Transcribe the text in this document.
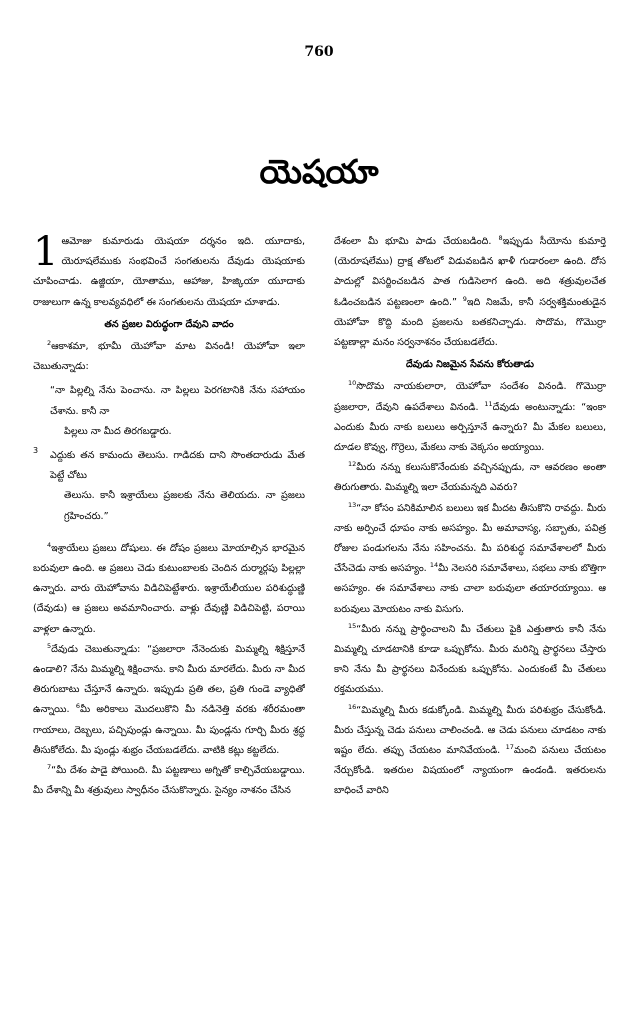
760
యెషయా

1 ఆమోజు కుమారుడు యెషయా దర్శనం ఇది. యూదాకు, యెరూషలేముకు సంభవించే సంగతులను దేవుడు యెషయాకు చూపించాడు. ఉజ్జియా, యోతాము, ఆహాజు, హిజ్కియా యూదాకు రాజులుగా ఉన్న కాలవ్యవధిలో ఈ సంగతులను యెషయా చూశాడు.

తన ప్రజల విరుద్ధంగా దేవుని వాదం

$^2$ఆకాశమా, భూమీ యెహోవా మాట వినండి! యెహోవా ఇలా చెబుతున్నాడు:

“నా పిల్లల్ని నేను పెంచాను. నా పిల్లలు పెరగటానికి నేను సహాయం చేశాను. కానీ నా
పిల్లలు నా మీద తిరగబడ్డారు.
3 ఎద్దుకు తన కామందు తెలుసు. గాడిదకు దాని సొంతదారుడు మేత పెట్టే చోటు
తెలుసు. కానీ ఇశ్రాయేలు ప్రజలకు నేను తెలియదు. నా ప్రజలు గ్రహించరు.”

$^4$ఇశ్రాయేలు ప్రజలు దోషులు. ఈ దోషం ప్రజలు మోయాల్సిన భారమైన బరువులా ఉంది. ఆ ప్రజలు చెడు కుటుంబాలకు చెందిన దుర్మార్గపు పిల్లల్లా ఉన్నారు. వారు యెహోవాను విడిచిపెట్టేశారు. ఇశ్రాయేలీయుల పరిశుద్ధుణ్ణి (దేవుడు) ఆ ప్రజలు అవమానించారు. వాళ్లు దేవుణ్ణి విడిచిపెట్టి, పరాయి వాళ్లలా ఉన్నారు.

$^5$దేవుడు చెబుతున్నాడు: “ప్రజలారా నేనెందుకు మిమ్మల్ని శిక్షిస్తూనే ఉండాలి? నేను మిమ్మల్ని శిక్షించాను. కాని మీరు మారలేదు. మీరు నా మీద తిరుగుబాటు చేస్తూనే ఉన్నారు. ఇప్పుడు ప్రతి తల, ప్రతి గుండె వ్యాధితో ఉన్నాయి. $^6$మీ అరికాలు మొదలుకొని మీ నడినెత్తి వరకు శరీరమంతా గాయాలు, దెబ్బలు, పచ్చిపుండ్లు ఉన్నాయి. మీ పుండ్లను గూర్చి మీరు శ్రద్ధ తీసుకోలేదు. మీ పుండ్లు శుభ్రం చేయబడలేదు. వాటికి కట్లు కట్టలేదు.

$^7$“మీ దేశం పాడై పోయింది. మీ పట్టణాలు అగ్నితో కాల్చివేయబడ్డాయి. మీ దేశాన్ని మీ శత్రువులు స్వాధీనం చేసుకొన్నారు. సైన్యం నాశనం చేసిన

దేశంలా మీ భూమి పాడు చేయబడింది. $^8$ఇప్పుడు సీయోను కుమార్తె (యెరూషలేము) ద్రాక్ష తోటలో విడువబడిన ఖాళీ గుడారంలా ఉంది. దోస పాదుల్లో విసర్జించబడిన పాత గుడిసెలాగ ఉంది. అది శత్రువులచేత ఓడించబడిన పట్టణంలా ఉంది.” $^9$ఇది నిజమే, కానీ సర్వశక్తిమంతుడైన యెహోవా కొద్ది మంది ప్రజలను బతకనిచ్చాడు. సొదొమ, గొమొర్రా పట్టణాల్లా మనం సర్వనాశనం చేయబడలేదు.

దేవుడు నిజమైన సేవను కోరుతాడు

$^{10}$సొదొమ నాయకులారా, యెహోవా సందేశం వినండి. గొమొర్రా ప్రజలారా, దేవుని ఉపదేశాలు వినండి. $^{11}$దేవుడు అంటున్నాడు: “ఇంకా ఎందుకు మీరు నాకు బలులు అర్పిస్తూనే ఉన్నారు? మీ మేకల బలులు, దూడల కొవ్వు, గొర్రెలు, మేకలు నాకు వెక్కసం అయ్యాయి.

$^{12}$మీరు నన్ను కలుసుకొనేందుకు వచ్చినప్పుడు, నా ఆవరణం అంతా తిరుగుతారు. మిమ్మల్ని ఇలా చేయమన్నది ఎవరు?

$^{13}$“నా కోసం పనికిమాలిన బలులు ఇక మీదట తీసుకొని రావద్దు. మీరు నాకు అర్పించే ధూపం నాకు అసహ్యం. మీ అమావాస్య, సబ్బాతు, పవిత్ర రోజుల పండుగలను నేను సహించను. మీ పరిశుద్ధ సమావేశాలలో మీరు చేసేచెడు నాకు అసహ్యం. $^{14}$మీ నెలసరి సమావేశాలు, సభలు నాకు బొత్తిగా అసహ్యం. ఈ సమావేశాలు నాకు చాలా బరువులా తయారయ్యాయి. ఆ బరువులు మోయటం నాకు విసుగు.

$^{15}$“మీరు నన్ను ప్రార్థించాలని మీ చేతులు పైకి ఎత్తుతారు కానీ నేను మిమ్మల్ని చూడటానికి కూడా ఒప్పుకోను. మీరు మరిన్ని ప్రార్థనలు చేస్తారు కాని నేను మీ ప్రార్థనలు వినేందుకు ఒప్పుకోను. ఎందుకంటే మీ చేతులు రక్తమయము.

$^{16}$“మిమ్మల్ని మీరు కడుక్కోండి. మిమ్మల్ని మీరు పరిశుభ్రం చేసుకోండి. మీరు చేస్తున్న చెడు పనులు చాలించండి. ఆ చెడు పనులు చూడటం నాకు ఇష్టం లేదు. తప్పు చేయటం మానివేయండి. $^{17}$మంచి పనులు చేయటం నేర్చుకోండి. ఇతరుల విషయంలో న్యాయంగా ఉండండి. ఇతరులను బాధించే వారిని
